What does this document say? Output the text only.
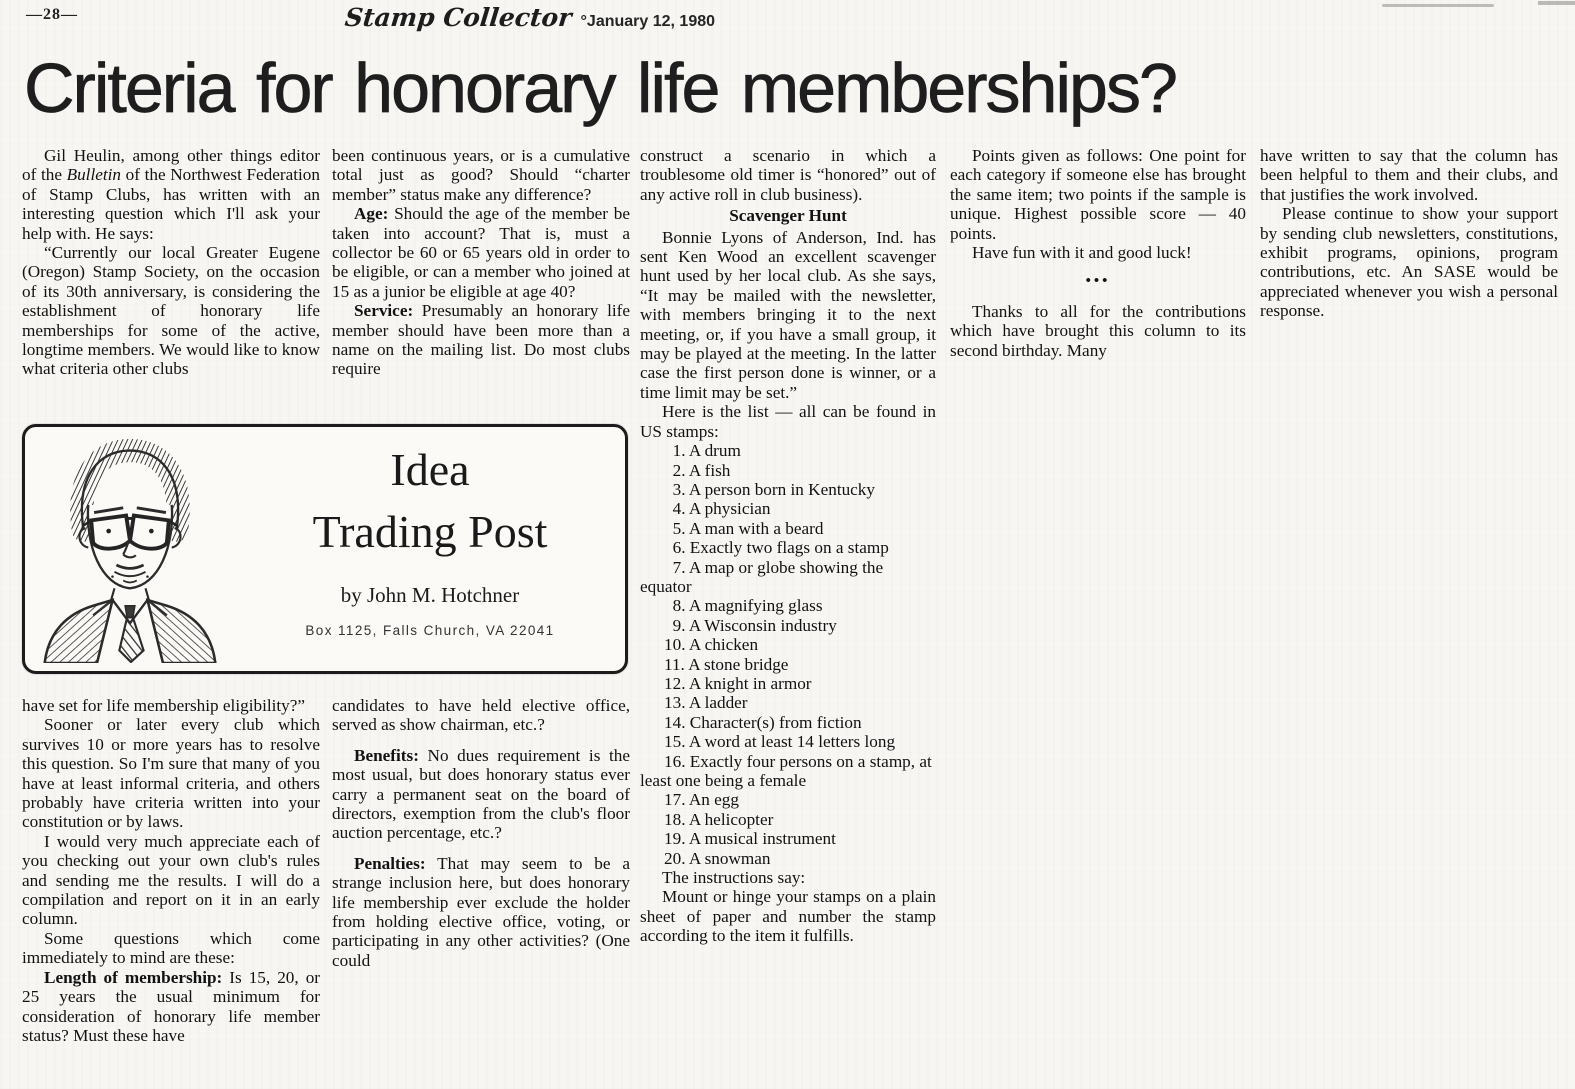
—28—	Stamp Collector °January 12, 1980
Criteria for honorary life memberships?

Gil Heulin, among other things editor of the Bulletin of the Northwest Federation of Stamp Clubs, has written with an interesting question which I'll ask your help with. He says:

“Currently our local Greater Eugene (Oregon) Stamp Society, on the occasion of its 30th anniversary, is considering the establishment of honorary life memberships for some of the active, longtime members. We would like to know what criteria other clubs

been continuous years, or is a cumulative total just as good? Should “charter member” status make any difference?

Age: Should the age of the member be taken into account? That is, must a collector be 60 or 65 years old in order to be eligible, or can a member who joined at 15 as a junior be eligible at age 40?

Service: Presumably an honorary life member should have been more than a name on the mailing list. Do most clubs require

construct a scenario in which a troublesome old timer is “honored” out of any active roll in club business).

Scavenger Hunt

Bonnie Lyons of Anderson, Ind. has sent Ken Wood an excellent scavenger hunt used by her local club. As she says, “It may be mailed with the newsletter, with members bringing it to the next meeting, or, if you have a small group, it may be played at the meeting. In the latter case the first person done is winner, or a time limit may be set.”

Here is the list — all can be found in US stamps:

 1. A drum
 2. A fish
 3. A person born in Kentucky
 4. A physician
 5. A man with a beard
 6. Exactly two flags on a stamp
 7. A map or globe showing the equator
 8. A magnifying glass
 9. A Wisconsin industry
10. A chicken
11. A stone bridge
12. A knight in armor
13. A ladder
14. Character(s) from fiction
15. A word at least 14 letters long
16. Exactly four persons on a stamp, at least one being a female
17. An egg
18. A helicopter
19. A musical instrument
20. A snowman

The instructions say:

Mount or hinge your stamps on a plain sheet of paper and number the stamp according to the item it fulfills.

Points given as follows: One point for each category if someone else has brought the same item; two points if the sample is unique. Highest possible score — 40 points.

Have fun with it and good luck!

•••

Thanks to all for the contributions which have brought this column to its second birthday. Many

have written to say that the column has been helpful to them and their clubs, and that justifies the work involved.

Please continue to show your support by sending club newsletters, constitutions, exhibit programs, opinions, program contributions, etc. An SASE would be appreciated whenever you wish a personal response.

Idea
Trading Post
by John M. Hotchner
Box 1125, Falls Church, VA 22041

have set for life membership eligibility?”

Sooner or later every club which survives 10 or more years has to resolve this question. So I'm sure that many of you have at least informal criteria, and others probably have criteria written into your constitution or by laws.

I would very much appreciate each of you checking out your own club's rules and sending me the results. I will do a compilation and report on it in an early column.

Some questions which come immediately to mind are these:

Length of membership: Is 15, 20, or 25 years the usual minimum for consideration of honorary life member status? Must these have

candidates to have held elective office, served as show chairman, etc.?

Benefits: No dues requirement is the most usual, but does honorary status ever carry a permanent seat on the board of directors, exemption from the club's floor auction percentage, etc.?

Penalties: That may seem to be a strange inclusion here, but does honorary life membership ever exclude the holder from holding elective office, voting, or participating in any other activities? (One could
